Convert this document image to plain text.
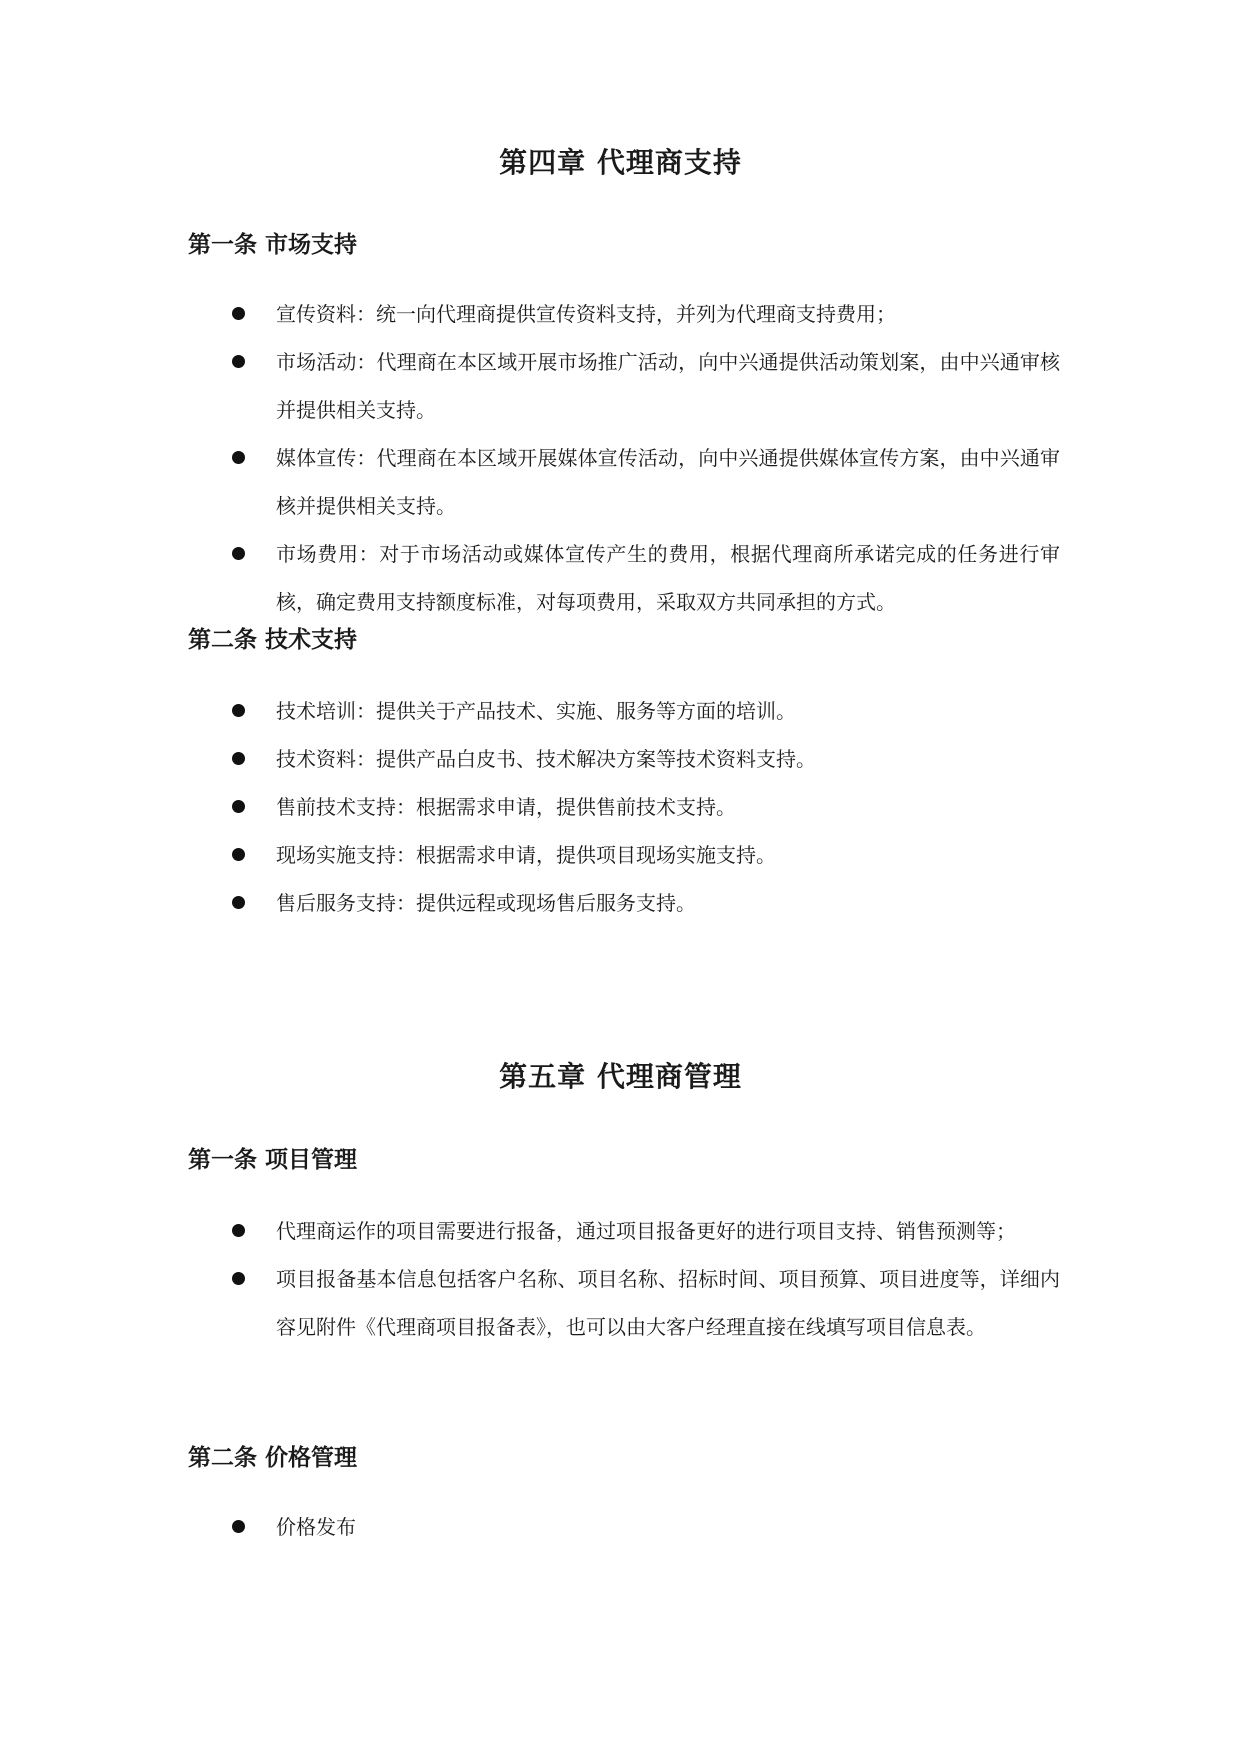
第四章 代理商支持
第一条 市场支持
宣传资料：统一向代理商提供宣传资料支持，并列为代理商支持费用；
市场活动：代理商在本区域开展市场推广活动，向中兴通提供活动策划案，由中兴通审核并提供相关支持。
媒体宣传：代理商在本区域开展媒体宣传活动，向中兴通提供媒体宣传方案，由中兴通审核并提供相关支持。
市场费用：对于市场活动或媒体宣传产生的费用，根据代理商所承诺完成的任务进行审核，确定费用支持额度标准，对每项费用，采取双方共同承担的方式。
第二条 技术支持
技术培训：提供关于产品技术、实施、服务等方面的培训。
技术资料：提供产品白皮书、技术解决方案等技术资料支持。
售前技术支持：根据需求申请，提供售前技术支持。
现场实施支持：根据需求申请，提供项目现场实施支持。
售后服务支持：提供远程或现场售后服务支持。
第五章 代理商管理
第一条 项目管理
代理商运作的项目需要进行报备，通过项目报备更好的进行项目支持、销售预测等；
项目报备基本信息包括客户名称、项目名称、招标时间、项目预算、项目进度等，详细内容见附件《代理商项目报备表》，也可以由大客户经理直接在线填写项目信息表。
第二条 价格管理
价格发布
